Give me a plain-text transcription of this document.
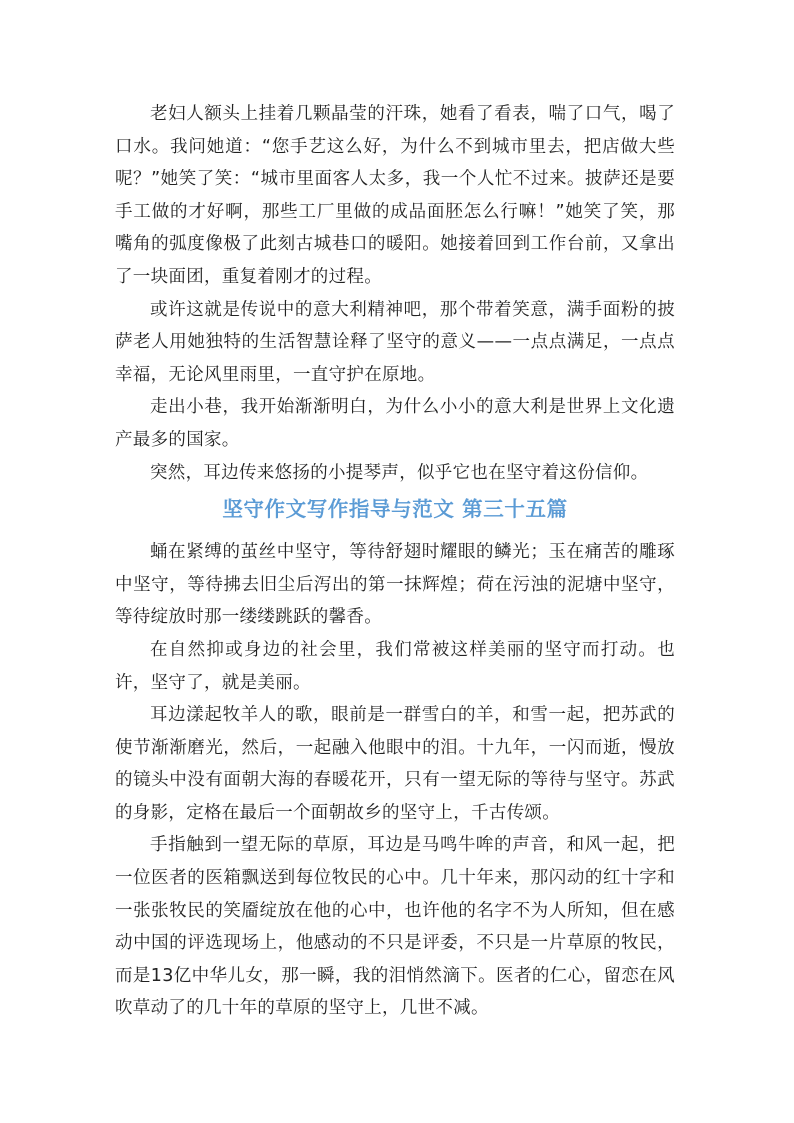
老妇人额头上挂着几颗晶莹的汗珠，她看了看表，喘了口气，喝了口水。我问她道：“您手艺这么好，为什么不到城市里去，把店做大些呢？”她笑了笑：“城市里面客人太多，我一个人忙不过来。披萨还是要手工做的才好啊，那些工厂里做的成品面胚怎么行嘛！”她笑了笑，那嘴角的弧度像极了此刻古城巷口的暖阳。她接着回到工作台前，又拿出了一块面团，重复着刚才的过程。

或许这就是传说中的意大利精神吧，那个带着笑意，满手面粉的披萨老人用她独特的生活智慧诠释了坚守的意义——一点点满足，一点点幸福，无论风里雨里，一直守护在原地。

走出小巷，我开始渐渐明白，为什么小小的意大利是世界上文化遗产最多的国家。

突然，耳边传来悠扬的小提琴声，似乎它也在坚守着这份信仰。

坚守作文写作指导与范文 第三十五篇

蛹在紧缚的茧丝中坚守，等待舒翅时耀眼的鳞光；玉在痛苦的雕琢中坚守，等待拂去旧尘后泻出的第一抹辉煌；荷在污浊的泥塘中坚守，等待绽放时那一缕缕跳跃的馨香。

在自然抑或身边的社会里，我们常被这样美丽的坚守而打动。也许，坚守了，就是美丽。

耳边漾起牧羊人的歌，眼前是一群雪白的羊，和雪一起，把苏武的使节渐渐磨光，然后，一起融入他眼中的泪。十九年，一闪而逝，慢放的镜头中没有面朝大海的春暖花开，只有一望无际的等待与坚守。苏武的身影，定格在最后一个面朝故乡的坚守上，千古传颂。

手指触到一望无际的草原，耳边是马鸣牛哞的声音，和风一起，把一位医者的医箱飘送到每位牧民的心中。几十年来，那闪动的红十字和一张张牧民的笑靥绽放在他的心中，也许他的名字不为人所知，但在感动中国的评选现场上，他感动的不只是评委，不只是一片草原的牧民，而是13亿中华儿女，那一瞬，我的泪悄然滴下。医者的仁心，留恋在风吹草动了的几十年的草原的坚守上，几世不减。
